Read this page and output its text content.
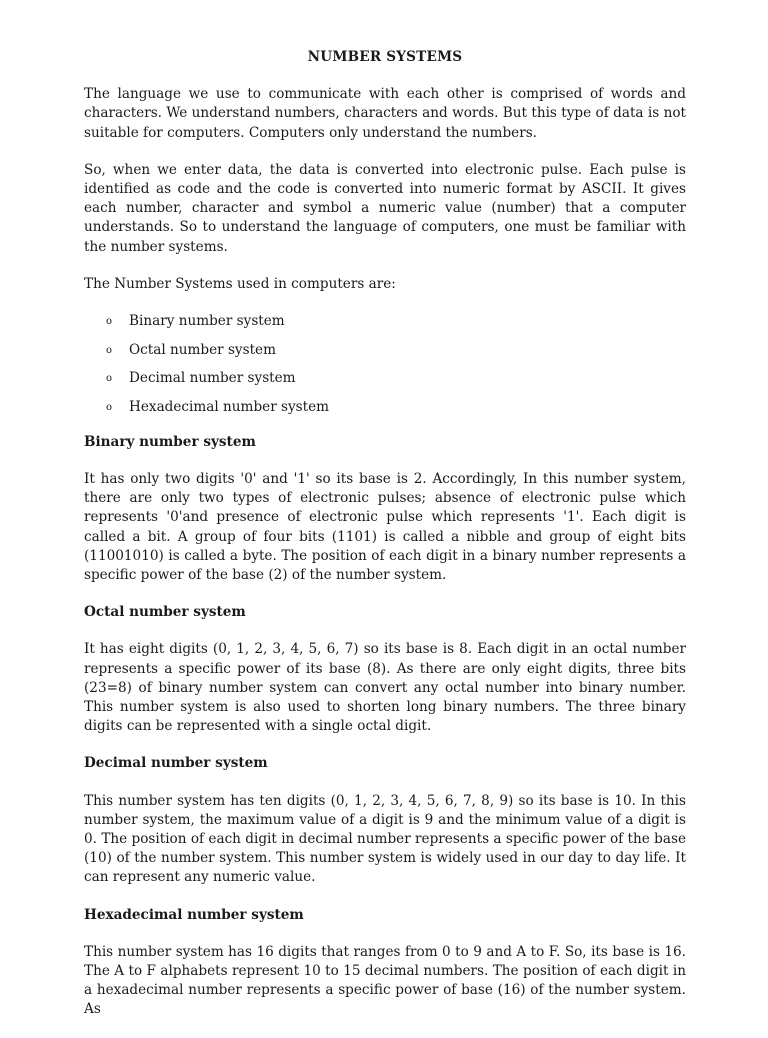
NUMBER SYSTEMS

The language we use to communicate with each other is comprised of words and characters. We understand numbers, characters and words. But this type of data is not suitable for computers. Computers only understand the numbers.

So, when we enter data, the data is converted into electronic pulse. Each pulse is identified as code and the code is converted into numeric format by ASCII. It gives each number, character and symbol a numeric value (number) that a computer understands. So to understand the language of computers, one must be familiar with the number systems.

The Number Systems used in computers are:

o Binary number system
o Octal number system
o Decimal number system
o Hexadecimal number system
Binary number system

It has only two digits '0' and '1' so its base is 2. Accordingly, In this number system, there are only two types of electronic pulses; absence of electronic pulse which represents '0'and presence of electronic pulse which represents '1'. Each digit is called a bit. A group of four bits (1101) is called a nibble and group of eight bits (11001010) is called a byte. The position of each digit in a binary number represents a specific power of the base (2) of the number system.

Octal number system

It has eight digits (0, 1, 2, 3, 4, 5, 6, 7) so its base is 8. Each digit in an octal number represents a specific power of its base (8). As there are only eight digits, three bits (23=8) of binary number system can convert any octal number into binary number. This number system is also used to shorten long binary numbers. The three binary digits can be represented with a single octal digit.

Decimal number system

This number system has ten digits (0, 1, 2, 3, 4, 5, 6, 7, 8, 9) so its base is 10. In this number system, the maximum value of a digit is 9 and the minimum value of a digit is 0. The position of each digit in decimal number represents a specific power of the base (10) of the number system. This number system is widely used in our day to day life. It can represent any numeric value.

Hexadecimal number system

This number system has 16 digits that ranges from 0 to 9 and A to F. So, its base is 16. The A to F alphabets represent 10 to 15 decimal numbers. The position of each digit in a hexadecimal number represents a specific power of base (16) of the number system. As
